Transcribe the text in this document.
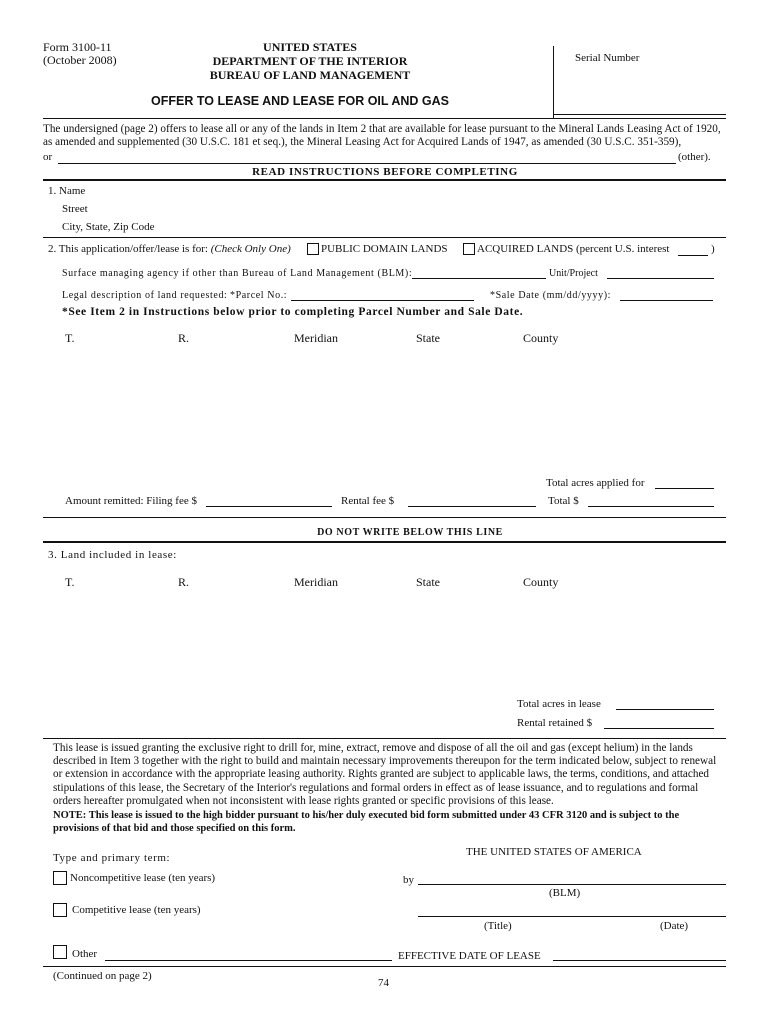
Form 3100-11
(October 2008)
UNITED STATES
DEPARTMENT OF THE INTERIOR
BUREAU OF LAND MANAGEMENT
Serial Number
OFFER TO LEASE AND LEASE FOR OIL AND GAS
The undersigned (page 2) offers to lease all or any of the lands in Item 2 that are available for lease pursuant to the Mineral Lands Leasing Act of 1920, as amended and supplemented (30 U.S.C. 181 et seq.), the Mineral Leasing Act for Acquired Lands of 1947, as amended (30 U.S.C. 351-359),
or	(other).
READ INSTRUCTIONS BEFORE COMPLETING
1. Name
Street
City, State, Zip Code
2. This application/offer/lease is for: (Check Only One)	PUBLIC DOMAIN LANDS	ACQUIRED LANDS (percent U.S. interest	)
Surface managing agency if other than Bureau of Land Management (BLM):	Unit/Project
Legal description of land requested: *Parcel No.:	*Sale Date (mm/dd/yyyy):
*See Item 2 in Instructions below prior to completing Parcel Number and Sale Date.
T.	R.	Meridian	State	County
Total acres applied for
Amount remitted: Filing fee $	Rental fee $	Total $
DO NOT WRITE BELOW THIS LINE
3. Land included in lease:
T.	R.	Meridian	State	County
Total acres in lease
Rental retained $
This lease is issued granting the exclusive right to drill for, mine, extract, remove and dispose of all the oil and gas (except helium) in the lands described in Item 3 together with the right to build and maintain necessary improvements thereupon for the term indicated below, subject to renewal or extension in accordance with the appropriate leasing authority. Rights granted are subject to applicable laws, the terms, conditions, and attached stipulations of this lease, the Secretary of the Interior's regulations and formal orders in effect as of lease issuance, and to regulations and formal orders hereafter promulgated when not inconsistent with lease rights granted or specific provisions of this lease.
NOTE: This lease is issued to the high bidder pursuant to his/her duly executed bid form submitted under 43 CFR 3120 and is subject to the provisions of that bid and those specified on this form.
Type and primary term:
Noncompetitive lease (ten years)
Competitive lease (ten years)
Other
THE UNITED STATES OF AMERICA
by
(BLM)
(Title)	(Date)
EFFECTIVE DATE OF LEASE
(Continued on page 2)
74
